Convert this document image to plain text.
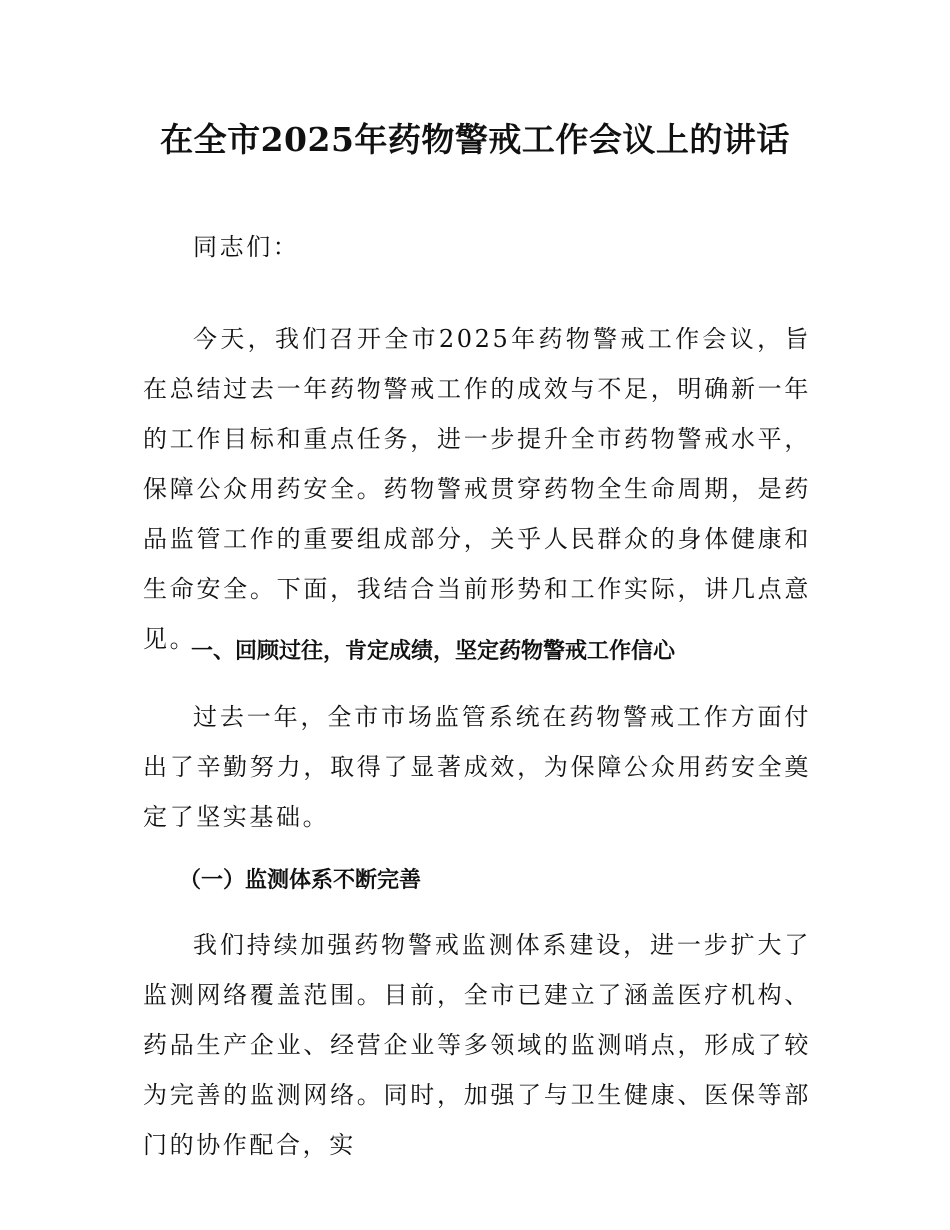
在全市2025年药物警戒工作会议上的讲话

同志们：

今天，我们召开全市2025年药物警戒工作会议，旨在总结过去一年药物警戒工作的成效与不足，明确新一年的工作目标和重点任务，进一步提升全市药物警戒水平，保障公众用药安全。药物警戒贯穿药物全生命周期，是药品监管工作的重要组成部分，关乎人民群众的身体健康和生命安全。下面，我结合当前形势和工作实际，讲几点意见。

一、回顾过往，肯定成绩，坚定药物警戒工作信心

过去一年，全市市场监管系统在药物警戒工作方面付出了辛勤努力，取得了显著成效，为保障公众用药安全奠定了坚实基础。

（一）监测体系不断完善

我们持续加强药物警戒监测体系建设，进一步扩大了监测网络覆盖范围。目前，全市已建立了涵盖医疗机构、药品生产企业、经营企业等多领域的监测哨点，形成了较为完善的监测网络。同时，加强了与卫生健康、医保等部门的协作配合，实
